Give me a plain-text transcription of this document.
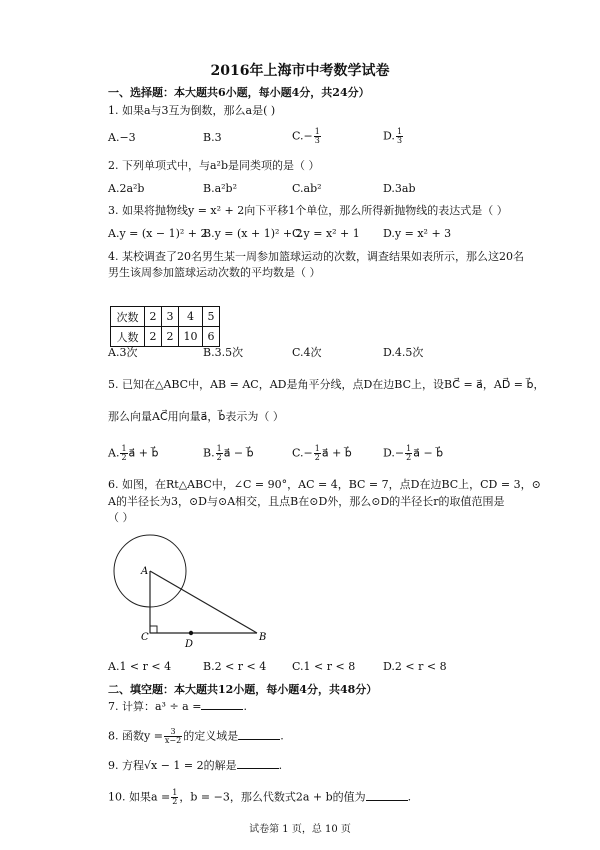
2016年上海市中考数学试卷
一、选择题：本大题共6小题，每小题4分，共24分）
1. 如果a与3互为倒数，那么a是( )
A.−3	B.3	$C.- \frac{1}{3}$	D. $\frac{1}{3}$
2. 下列单项式中，与a²b是同类项的是（ ）
A.2a²b	B.a²b²	C.ab²	D.3ab
3. 如果将抛物线y = x² + 2向下平移1个单位，那么所得新抛物线的表达式是（ ）
A.y = (x − 1)² + 2
B.y = (x + 1)² + 2
C.y = x² + 1 D.y = x² + 3
4. 某校调查了20名男生某一周参加篮球运动的次数，调查结果如表所示，那么这20名
男生该周参加篮球运动次数的平均数是（ ）
次数	2	3	4	5
人数	2	2	10	6
A.3次	B.3.5次	C.4次	D.4.5次
5. 已知在△ABC中，AB = AC，AD是角平分线，点D在边BC上，设BC⃗ = a⃗，AD⃗ = b⃗，
那么向量AC⃗用向量a⃗，b⃗表示为（ ）
A. $\frac{1}{2}$ a⃗ + b⃗	B. $\frac{1}{2}$ a⃗ − b⃗	$C.- \frac{1}{2}$ a⃗ + b⃗	$D.- \frac{1}{2}$ a⃗ − b⃗
6. 如图，在Rt△ABC中，∠C = 90°，AC = 4，BC = 7，点D在边BC上，CD = 3，⊙
A的半径长为3，⊙D与⊙A相交，且点B在⊙D外，那么⊙D的半径长r的取值范围是
（ ）
A
C
D
B
A.1 < r < 4	B.2 < r < 4 C.1 < r < 8	D.2 < r < 8
二、填空题：本大题共12小题，每小题4分，共48分）
7. 计算：a³ ÷ a =	.
8. 函数$y = \frac{3}{x-2}$ 的定义域是	.
9. 方程√x − 1 = 2的解是	.
10. 如果$a = \frac{1}{2}$ ，b = −3，那么代数式2a + b的值为	.
试卷第 1 页，总 10 页
